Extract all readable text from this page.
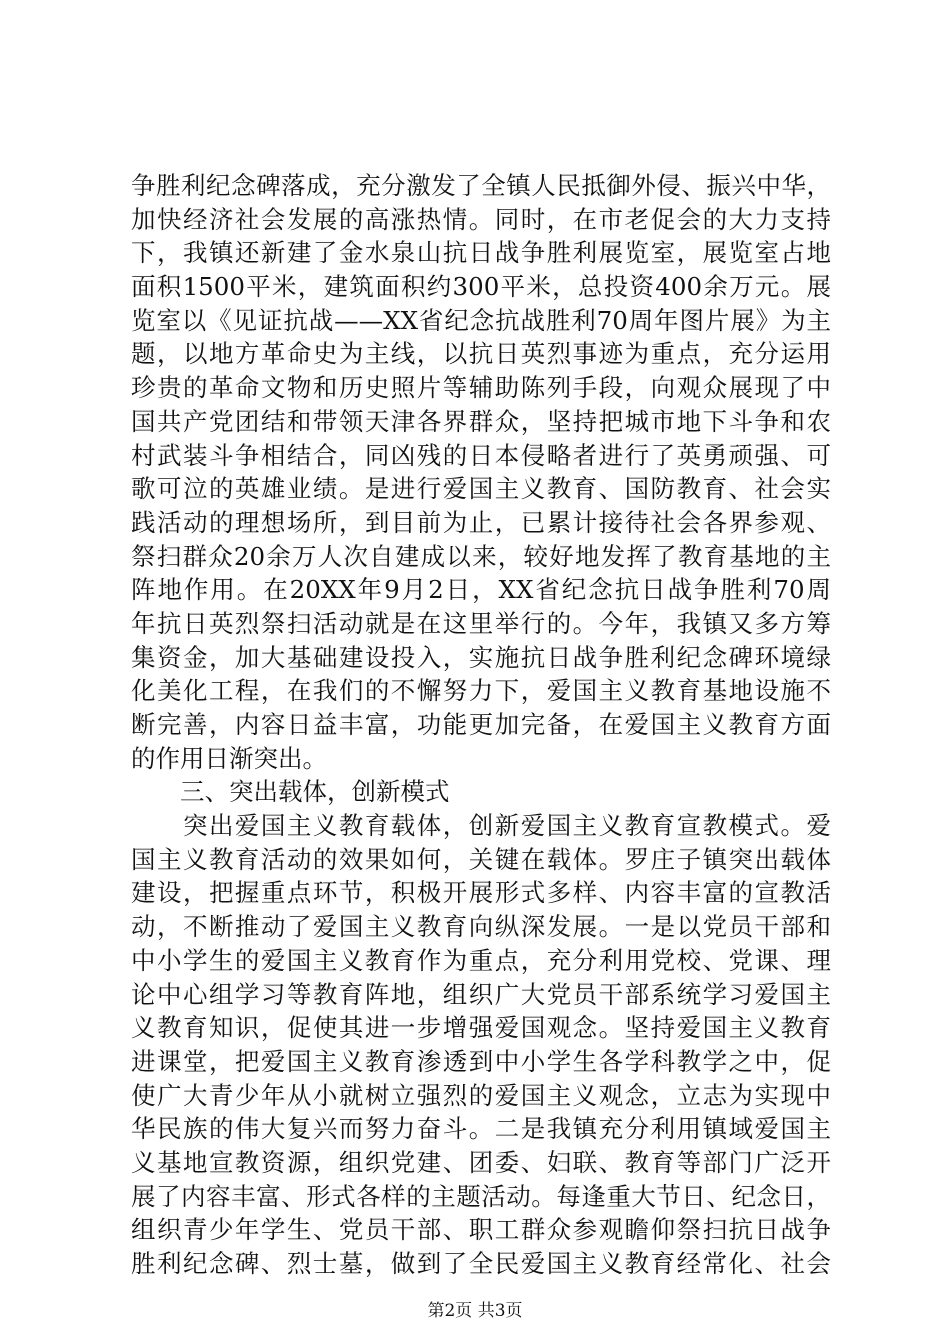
争胜利纪念碑落成，充分激发了全镇人民抵御外侵、振兴中华，
加快经济社会发展的高涨热情。同时，在市老促会的大力支持
下，我镇还新建了金水泉山抗日战争胜利展览室，展览室占地
面积1500平米，建筑面积约300平米，总投资400余万元。展
览室以《见证抗战——XX省纪念抗战胜利70周年图片展》为主
题，以地方革命史为主线，以抗日英烈事迹为重点，充分运用
珍贵的革命文物和历史照片等辅助陈列手段，向观众展现了中
国共产党团结和带领天津各界群众，坚持把城市地下斗争和农
村武装斗争相结合，同凶残的日本侵略者进行了英勇顽强、可
歌可泣的英雄业绩。是进行爱国主义教育、国防教育、社会实
践活动的理想场所，到目前为止，已累计接待社会各界参观、
祭扫群众20余万人次自建成以来，较好地发挥了教育基地的主
阵地作用。在20XX年9月2日，XX省纪念抗日战争胜利70周
年抗日英烈祭扫活动就是在这里举行的。今年，我镇又多方筹
集资金，加大基础建设投入，实施抗日战争胜利纪念碑环境绿
化美化工程，在我们的不懈努力下，爱国主义教育基地设施不
断完善，内容日益丰富，功能更加完备，在爱国主义教育方面
的作用日渐突出。
　　三、突出载体，创新模式
　　突出爱国主义教育载体，创新爱国主义教育宣教模式。爱
国主义教育活动的效果如何，关键在载体。罗庄子镇突出载体
建设，把握重点环节，积极开展形式多样、内容丰富的宣教活
动，不断推动了爱国主义教育向纵深发展。一是以党员干部和
中小学生的爱国主义教育作为重点，充分利用党校、党课、理
论中心组学习等教育阵地，组织广大党员干部系统学习爱国主
义教育知识，促使其进一步增强爱国观念。坚持爱国主义教育
进课堂，把爱国主义教育渗透到中小学生各学科教学之中，促
使广大青少年从小就树立强烈的爱国主义观念，立志为实现中
华民族的伟大复兴而努力奋斗。二是我镇充分利用镇域爱国主
义基地宣教资源，组织党建、团委、妇联、教育等部门广泛开
展了内容丰富、形式各样的主题活动。每逢重大节日、纪念日，
组织青少年学生、党员干部、职工群众参观瞻仰祭扫抗日战争
胜利纪念碑、烈士墓，做到了全民爱国主义教育经常化、社会
第2页 共3页
